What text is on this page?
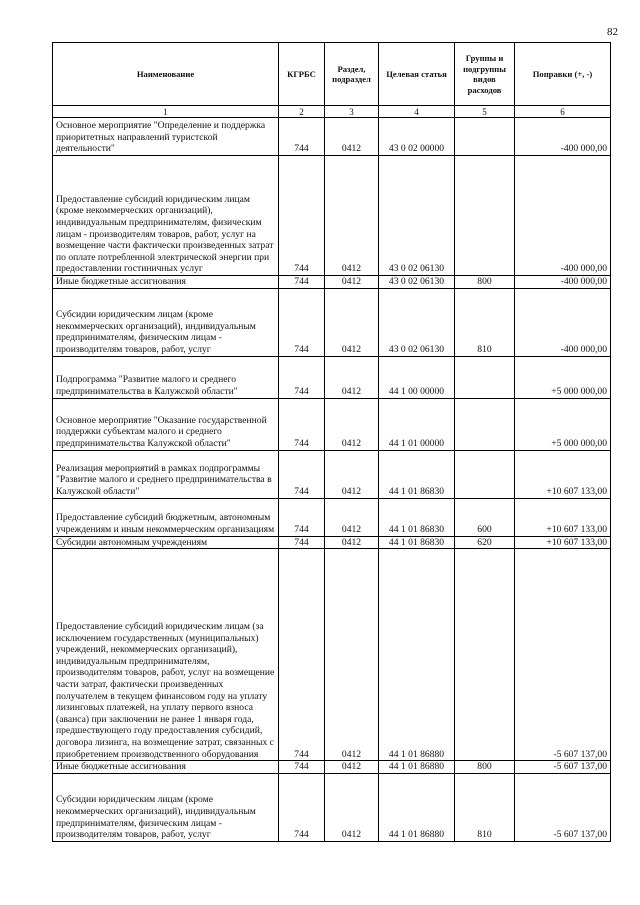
82
Наименование	КГРБС	Раздел, подраздел	Целевая статья	Группы и подгруппы видов расходов	Поправки (+, -)
1	2	3	4	5	6
Основное мероприятие "Определение и поддержка приоритетных направлений туристской деятельности"	744	0412	43 0 02 00000		-400 000,00
Предоставление субсидий юридическим лицам (кроме некоммерческих организаций), индивидуальным предпринимателям, физическим лицам - производителям товаров, работ, услуг на возмещение части фактически произведенных затрат по оплате потребленной электрической энергии при предоставлении гостиничных услуг	744	0412	43 0 02 06130		-400 000,00
Иные бюджетные ассигнования	744	0412	43 0 02 06130	800	-400 000,00
Субсидии юридическим лицам (кроме некоммерческих организаций), индивидуальным предпринимателям, физическим лицам - производителям товаров, работ, услуг	744	0412	43 0 02 06130	810	-400 000,00
Подпрограмма "Развитие малого и среднего предпринимательства в Калужской области"	744	0412	44 1 00 00000		+5 000 000,00
Основное мероприятие "Оказание государственной поддержки субъектам малого и среднего предпринимательства Калужской области"	744	0412	44 1 01 00000		+5 000 000,00
Реализация мероприятий в рамках подпрограммы "Развитие малого и среднего предпринимательства в Калужской области"	744	0412	44 1 01 86830		+10 607 133,00
Предоставление субсидий бюджетным, автономным учреждениям и иным некоммерческим организациям	744	0412	44 1 01 86830	600	+10 607 133,00
Субсидии автономным учреждениям	744	0412	44 1 01 86830	620	+10 607 133,00
Предоставление субсидий юридическим лицам (за исключением государственных (муниципальных) учреждений, некоммерческих организаций), индивидуальным предпринимателям, производителям товаров, работ, услуг на возмещение части затрат, фактически произведенных получателем в текущем финансовом году на уплату лизинговых платежей, на уплату первого взноса (аванса) при заключении не ранее 1 января года, предшествующего году предоставления субсидий, договора лизинга, на возмещение затрат, связанных с приобретением производственного оборудования	744	0412	44 1 01 86880		-5 607 137,00
Иные бюджетные ассигнования	744	0412	44 1 01 86880	800	-5 607 137,00
Субсидии юридическим лицам (кроме некоммерческих организаций), индивидуальным предпринимателям, физическим лицам - производителям товаров, работ, услуг	744	0412	44 1 01 86880	810	-5 607 137,00
